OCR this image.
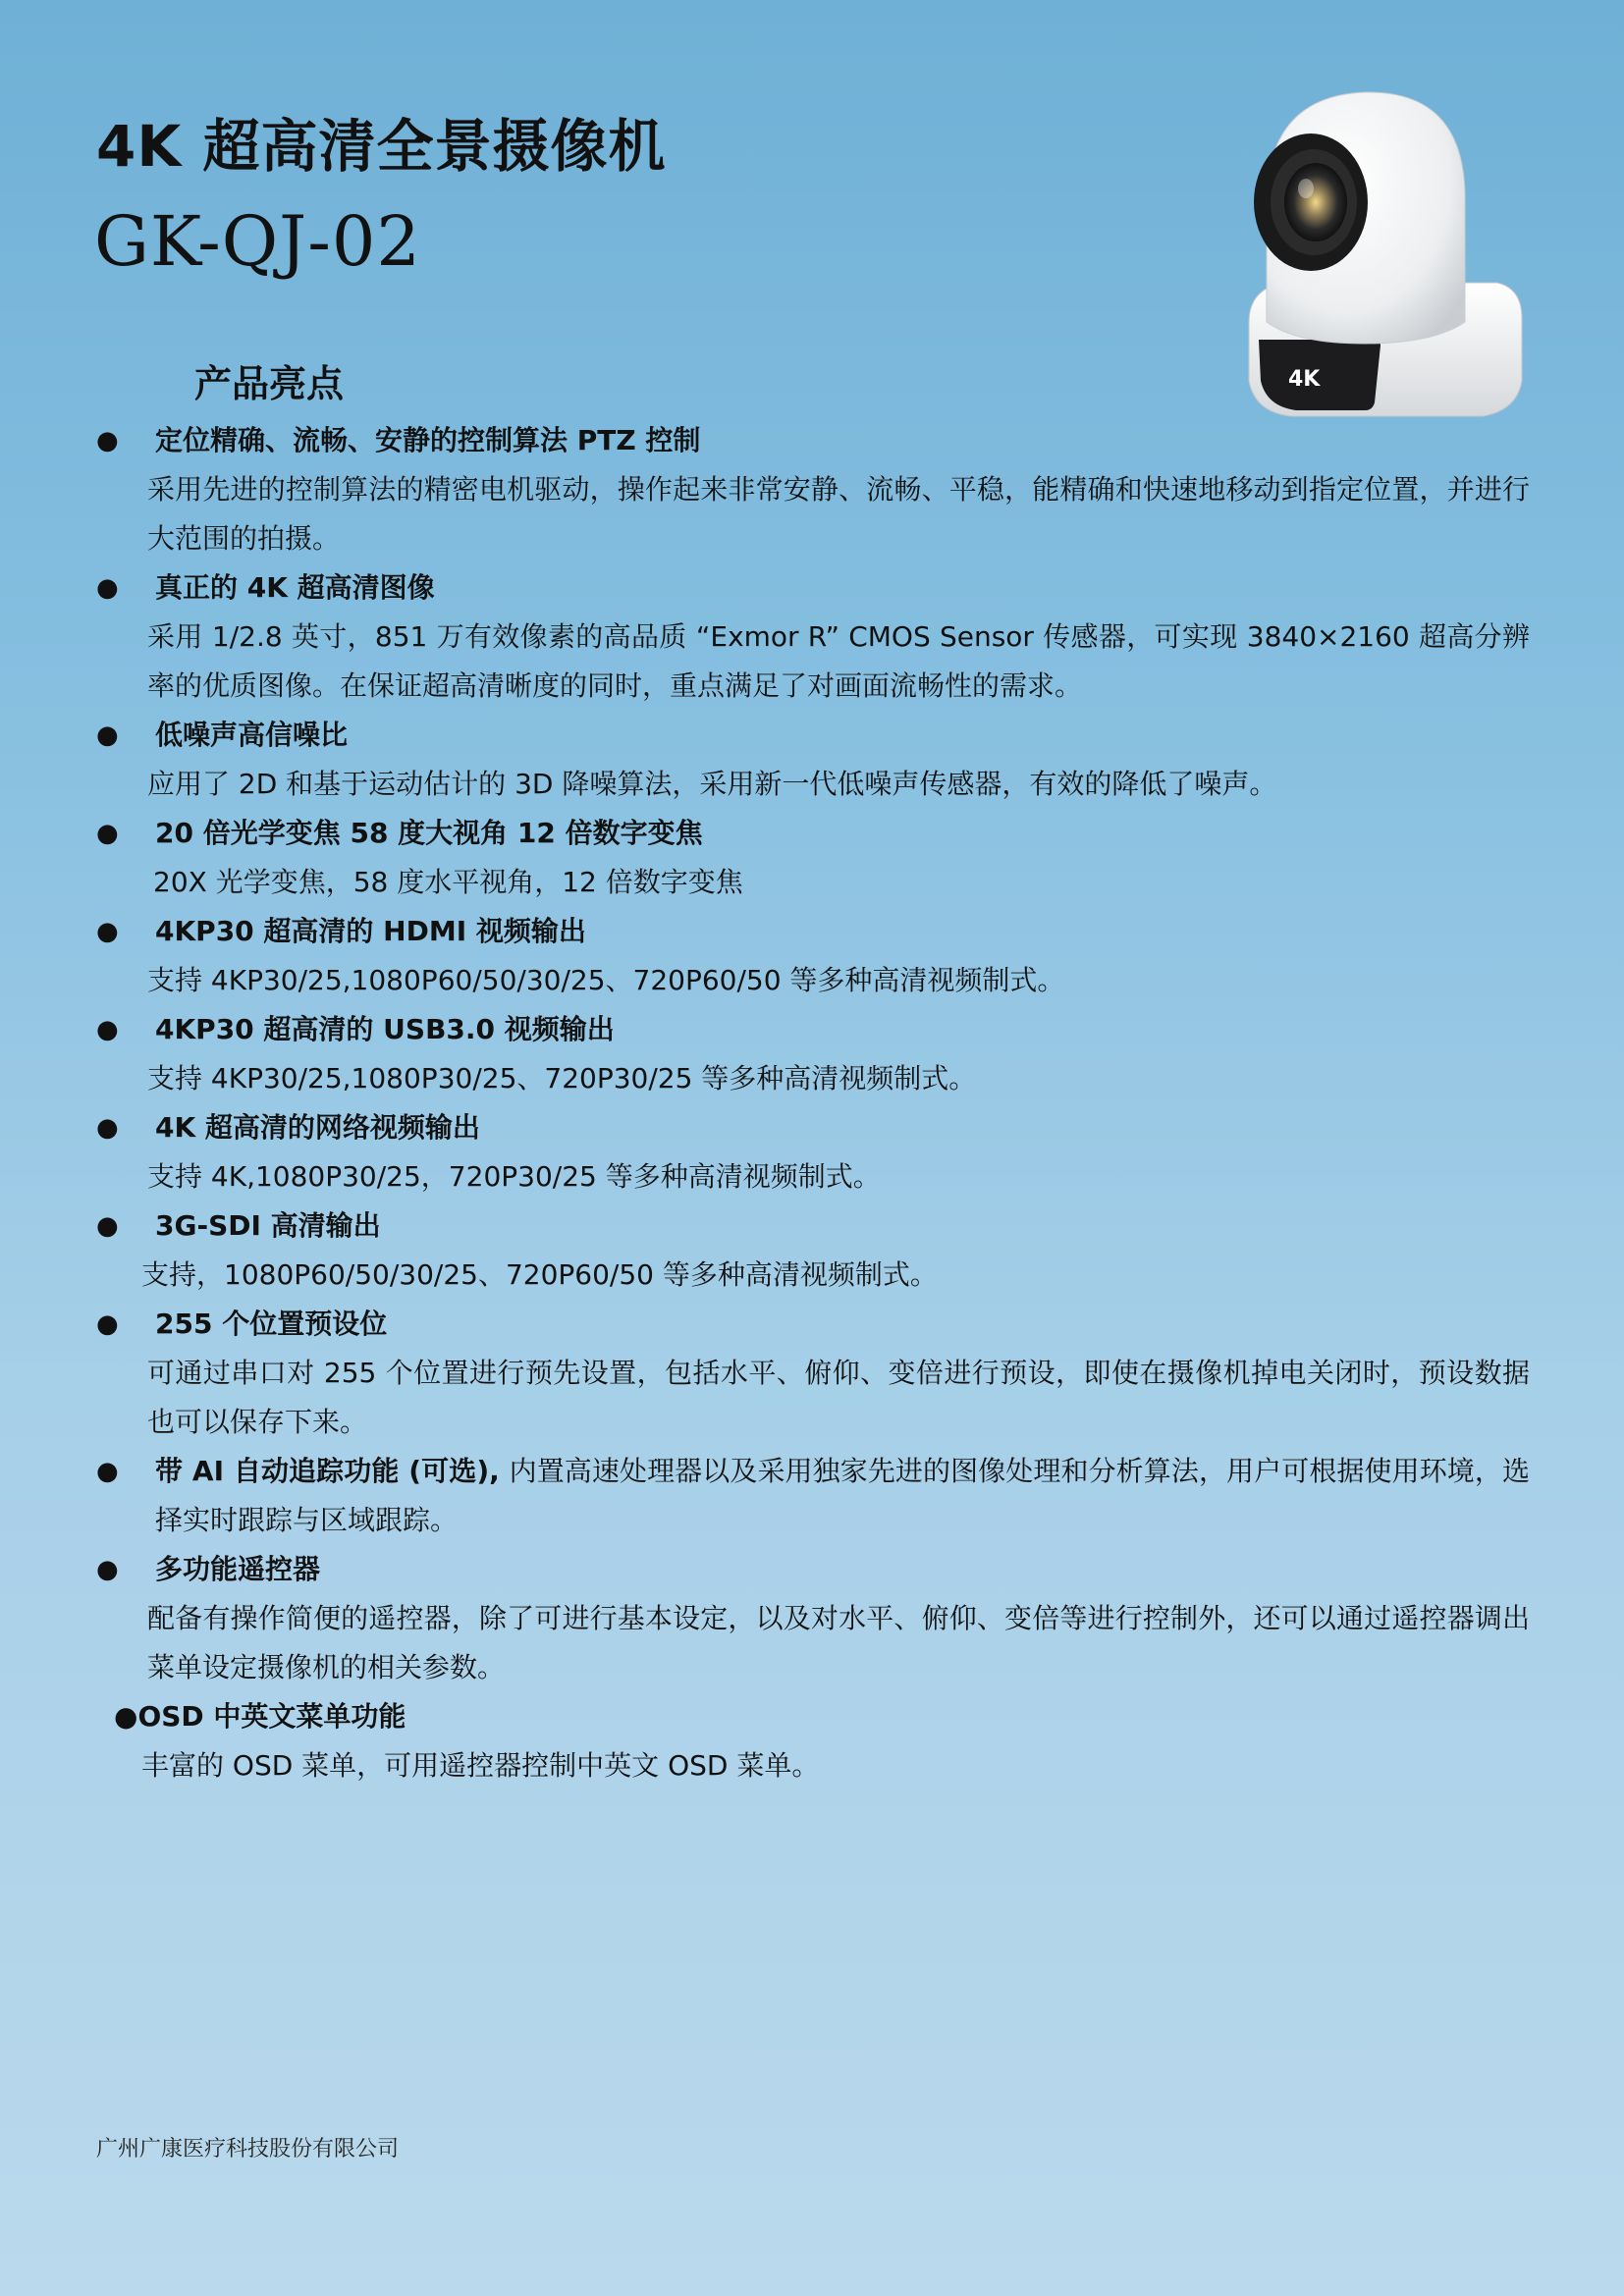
4K 超高清全景摄像机
GK-QJ-02
4K
产品亮点
●	定位精确、流畅、安静的控制算法 PTZ 控制
采用先进的控制算法的精密电机驱动，操作起来非常安静、流畅、平稳，能精确和快速地移动到指定位置，并进行大范围的拍摄。
●	真正的 4K 超高清图像
采用 1/2.8 英寸，851 万有效像素的高品质 “Exmor R” CMOS Sensor 传感器，可实现 3840×2160 超高分辨率的优质图像。在保证超高清晰度的同时，重点满足了对画面流畅性的需求。
●	低噪声高信噪比
应用了 2D 和基于运动估计的 3D 降噪算法，采用新一代低噪声传感器，有效的降低了噪声。
●	20 倍光学变焦 58 度大视角 12 倍数字变焦
20X 光学变焦，58 度水平视角，12 倍数字变焦
●	4KP30 超高清的 HDMI 视频输出
支持 4KP30/25,1080P60/50/30/25、720P60/50 等多种高清视频制式。
●	4KP30 超高清的 USB3.0 视频输出
支持 4KP30/25,1080P30/25、720P30/25 等多种高清视频制式。
●	4K 超高清的网络视频输出
支持 4K,1080P30/25，720P30/25 等多种高清视频制式。
●	3G-SDI 高清输出
支持，1080P60/50/30/25、720P60/50 等多种高清视频制式。
●	255 个位置预设位
可通过串口对 255 个位置进行预先设置，包括水平、俯仰、变倍进行预设，即使在摄像机掉电关闭时，预设数据也可以保存下来。
●	带 AI 自动追踪功能 (可选), 内置高速处理器以及采用独家先进的图像处理和分析算法，用户可根据使用环境，选择实时跟踪与区域跟踪。
●	多功能遥控器
配备有操作简便的遥控器，除了可进行基本设定，以及对水平、俯仰、变倍等进行控制外，还可以通过遥控器调出菜单设定摄像机的相关参数。
●OSD 中英文菜单功能
丰富的 OSD 菜单，可用遥控器控制中英文 OSD 菜单。
广州广康医疗科技股份有限公司
